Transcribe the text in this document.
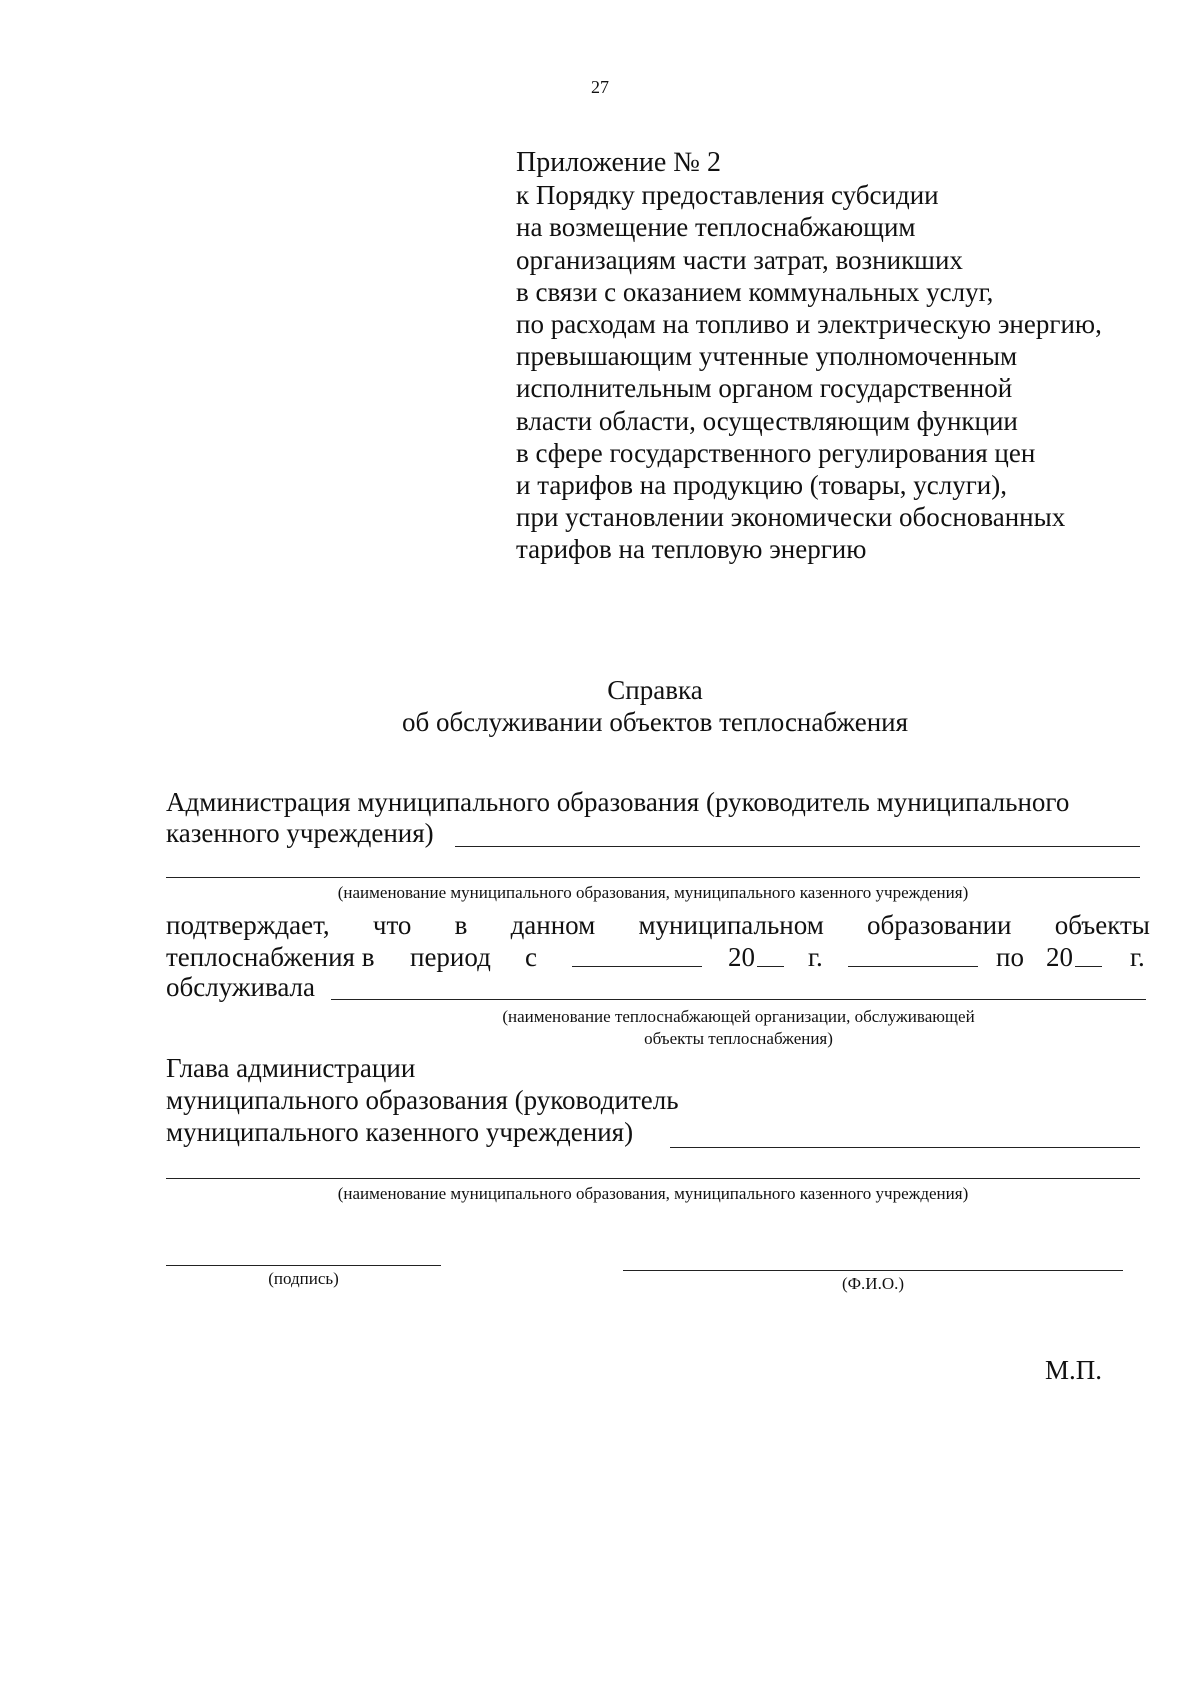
27
Приложение № 2
к Порядку предоставления субсидии
на возмещение теплоснабжающим
организациям части затрат, возникших
в связи с оказанием коммунальных услуг,
по расходам на топливо и электрическую энергию,
превышающим учтенные уполномоченным
исполнительным органом государственной
власти области, осуществляющим функции
в сфере государственного регулирования цен
и тарифов на продукцию (товары, услуги),
при установлении экономически обоснованных
тарифов на тепловую энергию
Справка
об обслуживании объектов теплоснабжения
Администрация муниципального образования (руководитель муниципального
казенного учреждения)
(наименование муниципального образования, муниципального казенного учреждения)
подтверждает, что в данном муниципальном образовании объекты
теплоснабжения в период с	20 г.	по 20 г.
обслуживала
(наименование теплоснабжающей организации, обслуживающей
объекты теплоснабжения)
Глава администрации
муниципального образования (руководитель
муниципального казенного учреждения)
(наименование муниципального образования, муниципального казенного учреждения)
(подпись)	(Ф.И.О.)
М.П.
